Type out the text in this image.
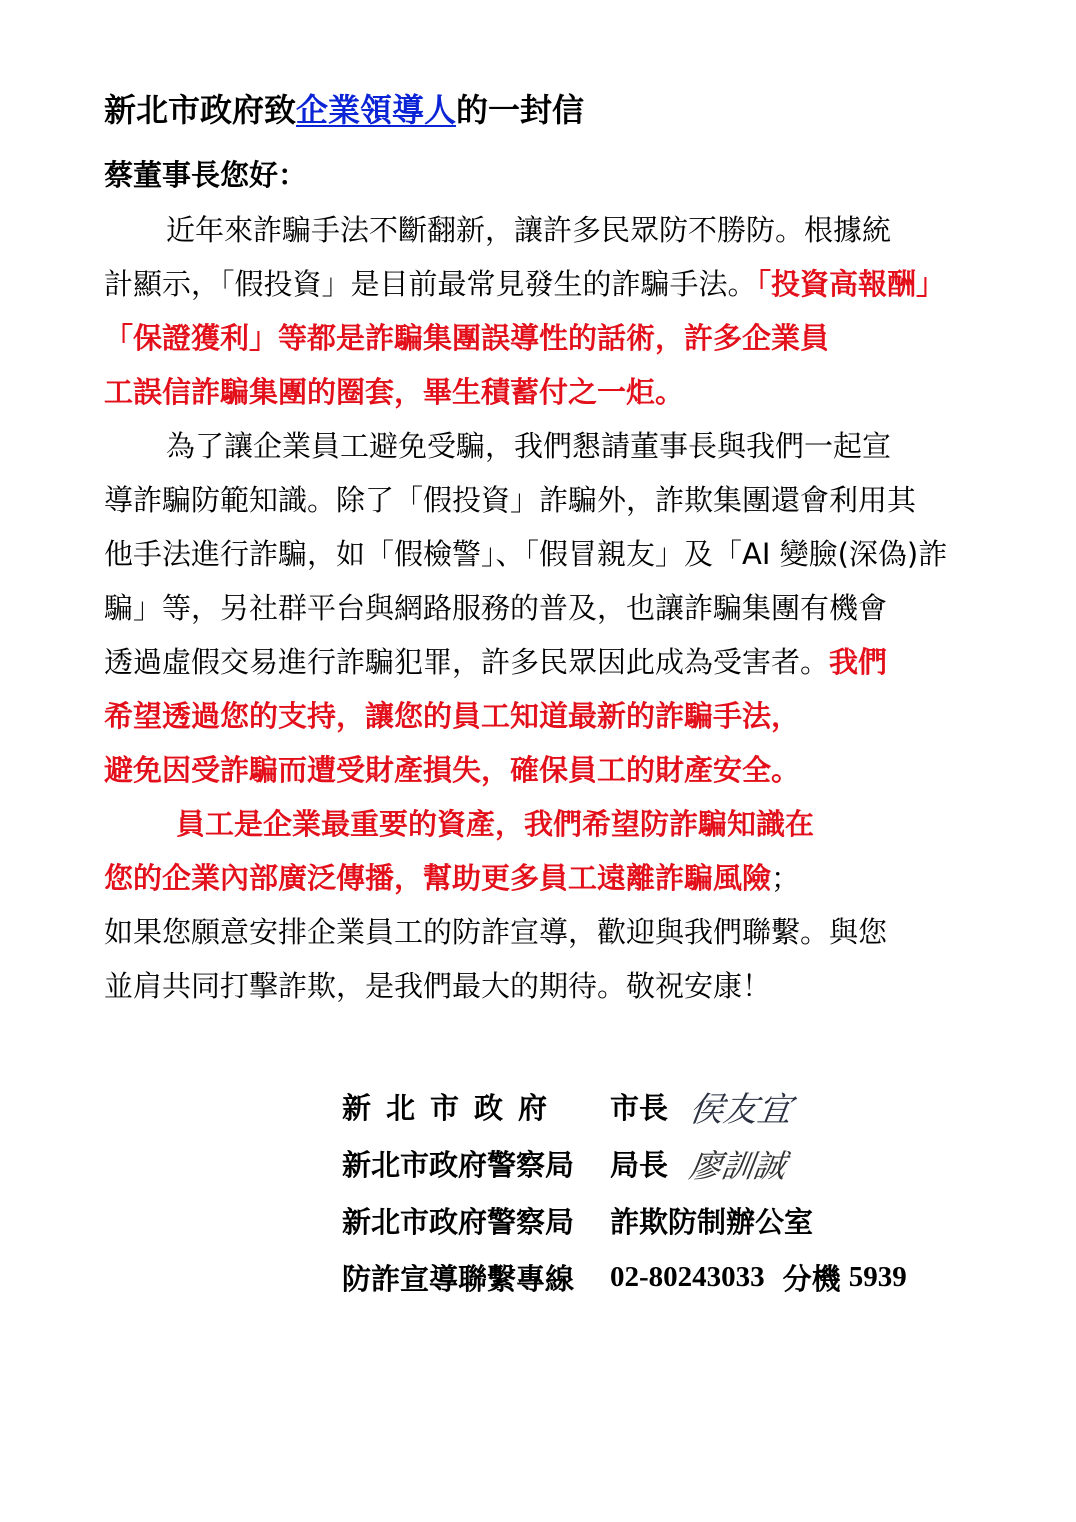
新北市政府致企業領導人的一封信
蔡董事長您好：
近年來詐騙手法不斷翻新，讓許多民眾防不勝防。根據統
計顯示，「假投資」是目前最常見發生的詐騙手法。「投資高報酬」
「保證獲利」等都是詐騙集團誤導性的話術，許多企業員
工誤信詐騙集團的圈套，畢生積蓄付之一炬。
為了讓企業員工避免受騙，我們懇請董事長與我們一起宣
導詐騙防範知識。除了「假投資」詐騙外，詐欺集團還會利用其
他手法進行詐騙，如「假檢警」、「假冒親友」及「AI 變臉(深偽)詐
騙」等，另社群平台與網路服務的普及，也讓詐騙集團有機會
透過虛假交易進行詐騙犯罪，許多民眾因此成為受害者。我們
希望透過您的支持，讓您的員工知道最新的詐騙手法，
避免因受詐騙而遭受財產損失，確保員工的財產安全。
員工是企業最重要的資產，我們希望防詐騙知識在
您的企業內部廣泛傳播，幫助更多員工遠離詐騙風險；
如果您願意安排企業員工的防詐宣導，歡迎與我們聯繫。與您
並肩共同打擊詐欺，是我們最大的期待。敬祝安康！
新北市政府	市長 侯友宜
新北市政府警察局	局長 廖訓誠
新北市政府警察局	詐欺防制辦公室
防詐宣導聯繫專線	02-80243033 分機 5939
